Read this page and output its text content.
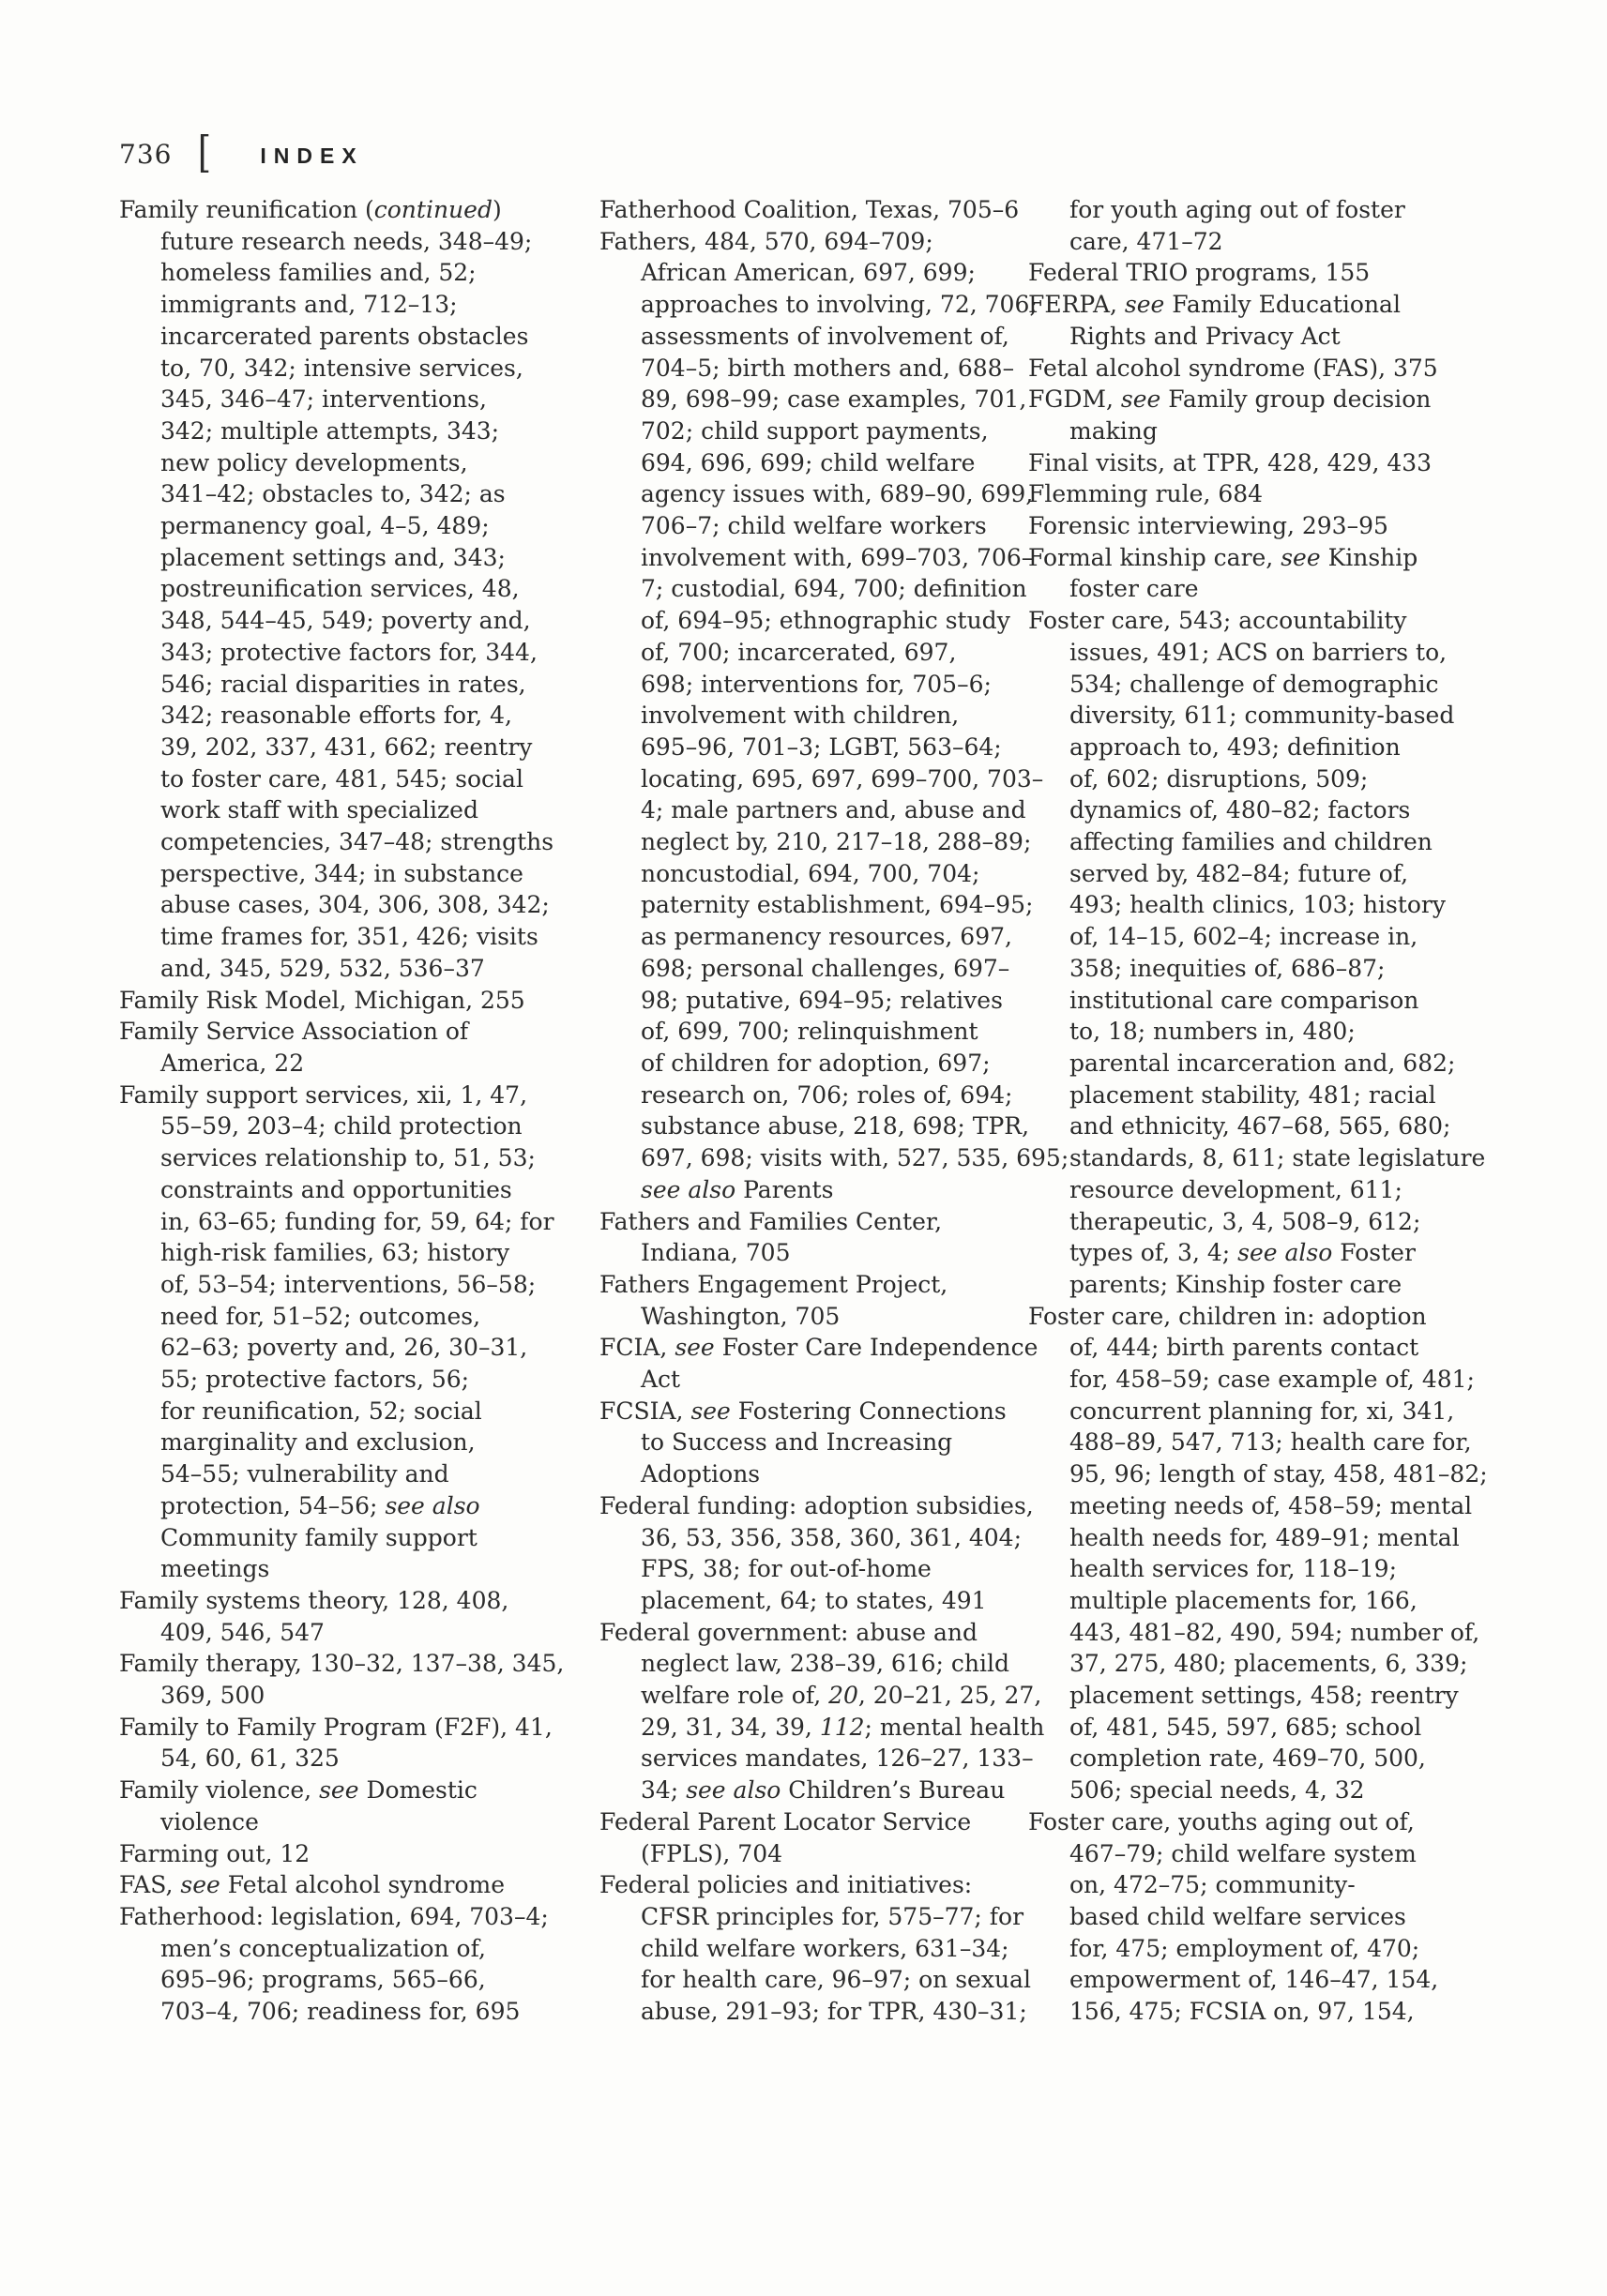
736 [ INDEX
Family reunification (continued)
future research needs, 348–49;
homeless families and, 52;
immigrants and, 712–13;
incarcerated parents obstacles
to, 70, 342; intensive services,
345, 346–47; interventions,
342; multiple attempts, 343;
new policy developments,
341–42; obstacles to, 342; as
permanency goal, 4–5, 489;
placement settings and, 343;
postreunification services, 48,
348, 544–45, 549; poverty and,
343; protective factors for, 344,
546; racial disparities in rates,
342; reasonable efforts for, 4,
39, 202, 337, 431, 662; reentry
to foster care, 481, 545; social
work staff with specialized
competencies, 347–48; strengths
perspective, 344; in substance
abuse cases, 304, 306, 308, 342;
time frames for, 351, 426; visits
and, 345, 529, 532, 536–37
Family Risk Model, Michigan, 255
Family Service Association of
America, 22
Family support services, xii, 1, 47,
55–59, 203–4; child protection
services relationship to, 51, 53;
constraints and opportunities
in, 63–65; funding for, 59, 64; for
high-risk families, 63; history
of, 53–54; interventions, 56–58;
need for, 51–52; outcomes,
62–63; poverty and, 26, 30–31,
55; protective factors, 56;
for reunification, 52; social
marginality and exclusion,
54–55; vulnerability and
protection, 54–56; see also
Community family support
meetings
Family systems theory, 128, 408,
409, 546, 547
Family therapy, 130–32, 137–38, 345,
369, 500
Family to Family Program (F2F), 41,
54, 60, 61, 325
Family violence, see Domestic
violence
Farming out, 12
FAS, see Fetal alcohol syndrome
Fatherhood: legislation, 694, 703–4;
men’s conceptualization of,
695–96; programs, 565–66,
703–4, 706; readiness for, 695
Fatherhood Coalition, Texas, 705–6
Fathers, 484, 570, 694–709;
African American, 697, 699;
approaches to involving, 72, 706;
assessments of involvement of,
704–5; birth mothers and, 688–
89, 698–99; case examples, 701,
702; child support payments,
694, 696, 699; child welfare
agency issues with, 689–90, 699,
706–7; child welfare workers
involvement with, 699–703, 706–
7; custodial, 694, 700; definition
of, 694–95; ethnographic study
of, 700; incarcerated, 697,
698; interventions for, 705–6;
involvement with children,
695–96, 701–3; LGBT, 563–64;
locating, 695, 697, 699–700, 703–
4; male partners and, abuse and
neglect by, 210, 217–18, 288–89;
noncustodial, 694, 700, 704;
paternity establishment, 694–95;
as permanency resources, 697,
698; personal challenges, 697–
98; putative, 694–95; relatives
of, 699, 700; relinquishment
of children for adoption, 697;
research on, 706; roles of, 694;
substance abuse, 218, 698; TPR,
697, 698; visits with, 527, 535, 695;
see also Parents
Fathers and Families Center,
Indiana, 705
Fathers Engagement Project,
Washington, 705
FCIA, see Foster Care Independence
Act
FCSIA, see Fostering Connections
to Success and Increasing
Adoptions
Federal funding: adoption subsidies,
36, 53, 356, 358, 360, 361, 404;
FPS, 38; for out-of-home
placement, 64; to states, 491
Federal government: abuse and
neglect law, 238–39, 616; child
welfare role of, 20, 20–21, 25, 27,
29, 31, 34, 39, 112; mental health
services mandates, 126–27, 133–
34; see also Children’s Bureau
Federal Parent Locator Service
(FPLS), 704
Federal policies and initiatives:
CFSR principles for, 575–77; for
child welfare workers, 631–34;
for health care, 96–97; on sexual
abuse, 291–93; for TPR, 430–31;
for youth aging out of foster
care, 471–72
Federal TRIO programs, 155
FERPA, see Family Educational
Rights and Privacy Act
Fetal alcohol syndrome (FAS), 375
FGDM, see Family group decision
making
Final visits, at TPR, 428, 429, 433
Flemming rule, 684
Forensic interviewing, 293–95
Formal kinship care, see Kinship
foster care
Foster care, 543; accountability
issues, 491; ACS on barriers to,
534; challenge of demographic
diversity, 611; community-based
approach to, 493; definition
of, 602; disruptions, 509;
dynamics of, 480–82; factors
affecting families and children
served by, 482–84; future of,
493; health clinics, 103; history
of, 14–15, 602–4; increase in,
358; inequities of, 686–87;
institutional care comparison
to, 18; numbers in, 480;
parental incarceration and, 682;
placement stability, 481; racial
and ethnicity, 467–68, 565, 680;
standards, 8, 611; state legislature
resource development, 611;
therapeutic, 3, 4, 508–9, 612;
types of, 3, 4; see also Foster
parents; Kinship foster care
Foster care, children in: adoption
of, 444; birth parents contact
for, 458–59; case example of, 481;
concurrent planning for, xi, 341,
488–89, 547, 713; health care for,
95, 96; length of stay, 458, 481–82;
meeting needs of, 458–59; mental
health needs for, 489–91; mental
health services for, 118–19;
multiple placements for, 166,
443, 481–82, 490, 594; number of,
37, 275, 480; placements, 6, 339;
placement settings, 458; reentry
of, 481, 545, 597, 685; school
completion rate, 469–70, 500,
506; special needs, 4, 32
Foster care, youths aging out of,
467–79; child welfare system
on, 472–75; community-
based child welfare services
for, 475; employment of, 470;
empowerment of, 146–47, 154,
156, 475; FCSIA on, 97, 154,
